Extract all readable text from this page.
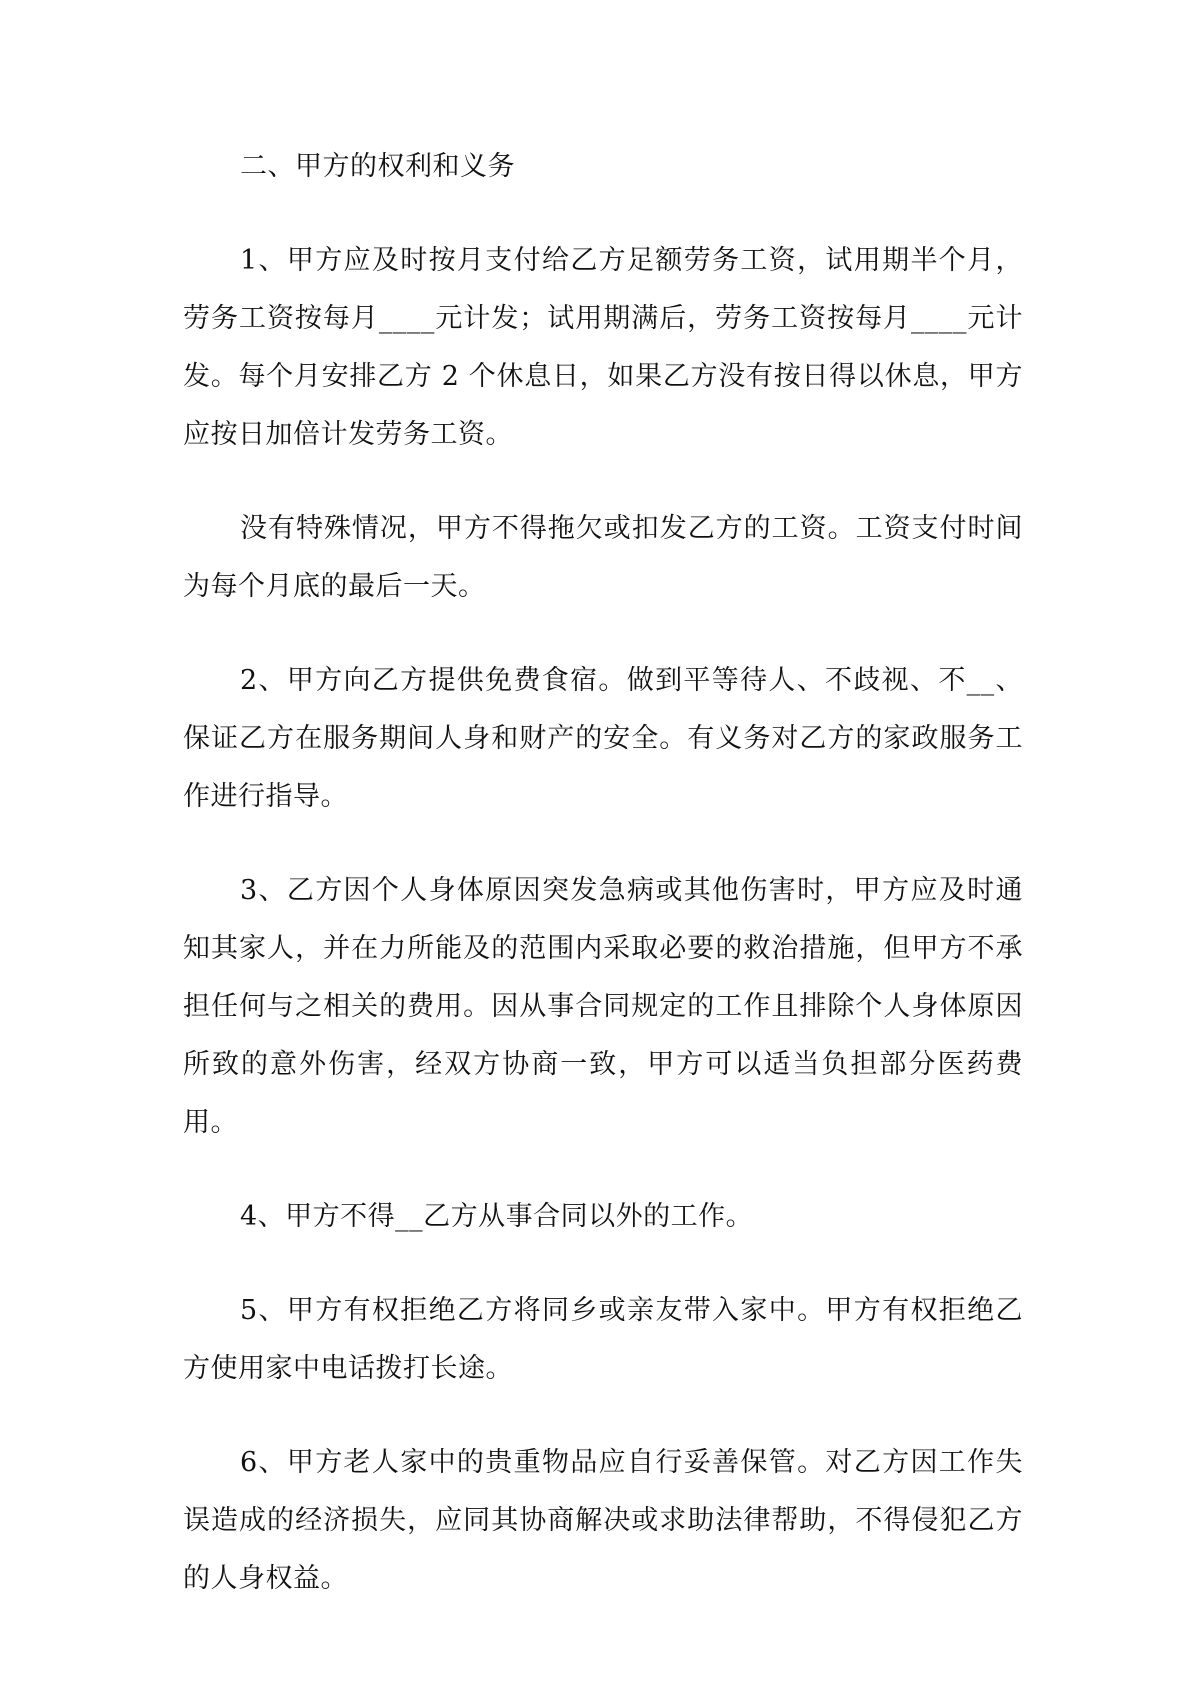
二、甲方的权利和义务

1、甲方应及时按月支付给乙方足额劳务工资，试用期半个月，劳务工资按每月____元计发；试用期满后，劳务工资按每月____元计发。每个月安排乙方 2 个休息日，如果乙方没有按日得以休息，甲方应按日加倍计发劳务工资。

没有特殊情况，甲方不得拖欠或扣发乙方的工资。工资支付时间为每个月底的最后一天。

2、甲方向乙方提供免费食宿。做到平等待人、不歧视、不__、保证乙方在服务期间人身和财产的安全。有义务对乙方的家政服务工作进行指导。

3、乙方因个人身体原因突发急病或其他伤害时，甲方应及时通知其家人，并在力所能及的范围内采取必要的救治措施，但甲方不承担任何与之相关的费用。因从事合同规定的工作且排除个人身体原因所致的意外伤害，经双方协商一致，甲方可以适当负担部分医药费用。

4、甲方不得__乙方从事合同以外的工作。

5、甲方有权拒绝乙方将同乡或亲友带入家中。甲方有权拒绝乙方使用家中电话拨打长途。

6、甲方老人家中的贵重物品应自行妥善保管。对乙方因工作失误造成的经济损失，应同其协商解决或求助法律帮助，不得侵犯乙方的人身权益。
